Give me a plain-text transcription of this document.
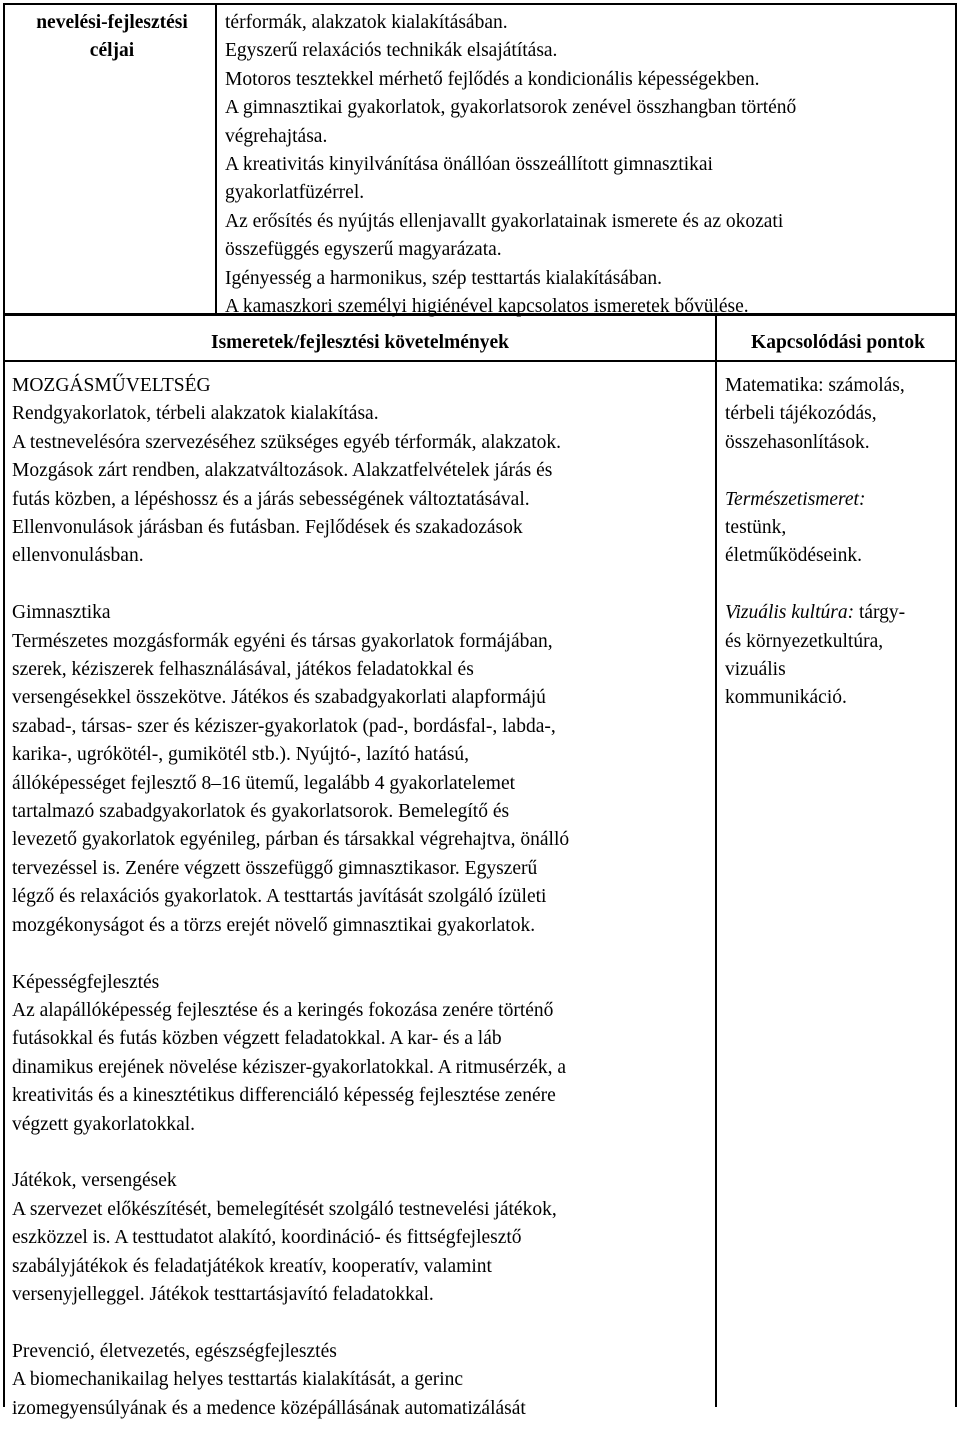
nevelési-fejlesztési

céljai

térformák, alakzatok kialakításában.

Egyszerű relaxációs technikák elsajátítása.

Motoros tesztekkel mérhető fejlődés a kondicionális képességekben.

A gimnasztikai gyakorlatok, gyakorlatsorok zenével összhangban történő

végrehajtása.

A kreativitás kinyilvánítása önállóan összeállított gimnasztikai

gyakorlatfüzérrel.

Az erősítés és nyújtás ellenjavallt gyakorlatainak ismerete és az okozati

összefüggés egyszerű magyarázata.

Igényesség a harmonikus, szép testtartás kialakításában.

A kamaszkori személyi higiénével kapcsolatos ismeretek bővülése.

Ismeretek/fejlesztési követelmények	Kapcsolódási pontok

MOZGÁSMŰVELTSÉG

Rendgyakorlatok, térbeli alakzatok kialakítása.

A testnevelésóra szervezéséhez szükséges egyéb térformák, alakzatok.

Mozgások zárt rendben, alakzatváltozások. Alakzatfelvételek járás és

futás közben, a lépéshossz és a járás sebességének változtatásával.

Ellenvonulások járásban és futásban. Fejlődések és szakadozások

ellenvonulásban.

Gimnasztika

Természetes mozgásformák egyéni és társas gyakorlatok formájában,

szerek, kéziszerek felhasználásával, játékos feladatokkal és

versengésekkel összekötve. Játékos és szabadgyakorlati alapformájú

szabad-, társas- szer és kéziszer-gyakorlatok (pad-, bordásfal-, labda-,

karika-, ugrókötél-, gumikötél stb.). Nyújtó-, lazító hatású,

állóképességet fejlesztő 8‒16 ütemű, legalább 4 gyakorlatelemet

tartalmazó szabadgyakorlatok és gyakorlatsorok. Bemelegítő és

levezető gyakorlatok egyénileg, párban és társakkal végrehajtva, önálló

tervezéssel is. Zenére végzett összefüggő gimnasztikasor. Egyszerű

légző és relaxációs gyakorlatok. A testtartás javítását szolgáló ízületi

mozgékonyságot és a törzs erejét növelő gimnasztikai gyakorlatok.

Képességfejlesztés

Az alapállóképesség fejlesztése és a keringés fokozása zenére történő

futásokkal és futás közben végzett feladatokkal. A kar- és a láb

dinamikus erejének növelése kéziszer-gyakorlatokkal. A ritmusérzék, a

kreativitás és a kinesztétikus differenciáló képesség fejlesztése zenére

végzett gyakorlatokkal.

Játékok, versengések

A szervezet előkészítését, bemelegítését szolgáló testnevelési játékok,

eszközzel is. A testtudatot alakító, koordináció- és fittségfejlesztő

szabályjátékok és feladatjátékok kreatív, kooperatív, valamint

versenyjelleggel. Játékok testtartásjavító feladatokkal.

Prevenció, életvezetés, egészségfejlesztés

A biomechanikailag helyes testtartás kialakítását, a gerinc

izomegyensúlyának és a medence középállásának automatizálását

Matematika: számolás,

térbeli tájékozódás,

összehasonlítások.

Természetismeret:

testünk,

életműködéseink.

Vizuális kultúra: tárgy-

és környezetkultúra,

vizuális

kommunikáció.
